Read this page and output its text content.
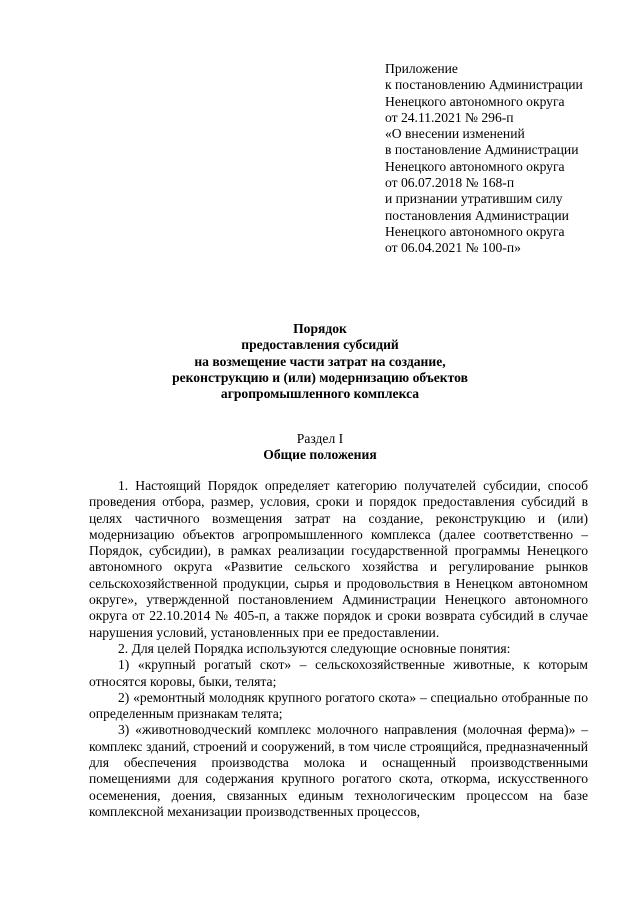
Приложение
к постановлению Администрации
Ненецкого автономного округа
от 24.11.2021 № 296-п
«О внесении изменений
в постановление Администрации
Ненецкого автономного округа
от 06.07.2018 № 168-п
и признании утратившим силу
постановления Администрации
Ненецкого автономного округа
от 06.04.2021 № 100-п»
Порядок
предоставления субсидий
на возмещение части затрат на создание,
реконструкцию и (или) модернизацию объектов
агропромышленного комплекса
Раздел I
Общие положения

1. Настоящий Порядок определяет категорию получателей субсидии, способ проведения отбора, размер, условия, сроки и порядок предоставления субсидий в целях частичного возмещения затрат на создание, реконструкцию и (или) модернизацию объектов агропромышленного комплекса (далее соответственно – Порядок, субсидии), в рамках реализации государственной программы Ненецкого автономного округа «Развитие сельского хозяйства и регулирование рынков сельскохозяйственной продукции, сырья и продовольствия в Ненецком автономном округе», утвержденной постановлением Администрации Ненецкого автономного округа от 22.10.2014 № 405-п, а также порядок и сроки возврата субсидий в случае нарушения условий, установленных при ее предоставлении.

2. Для целей Порядка используются следующие основные понятия:

1) «крупный рогатый скот» – сельскохозяйственные животные, к которым относятся коровы, быки, телята;

2) «ремонтный молодняк крупного рогатого скота» – специально отобранные по определенным признакам телята;

3) «животноводческий комплекс молочного направления (молочная ферма)» – комплекс зданий, строений и сооружений, в том числе строящийся, предназначенный для обеспечения производства молока и оснащенный производственными помещениями для содержания крупного рогатого скота, откорма, искусственного осеменения, доения, связанных единым технологическим процессом на базе комплексной механизации производственных процессов,
